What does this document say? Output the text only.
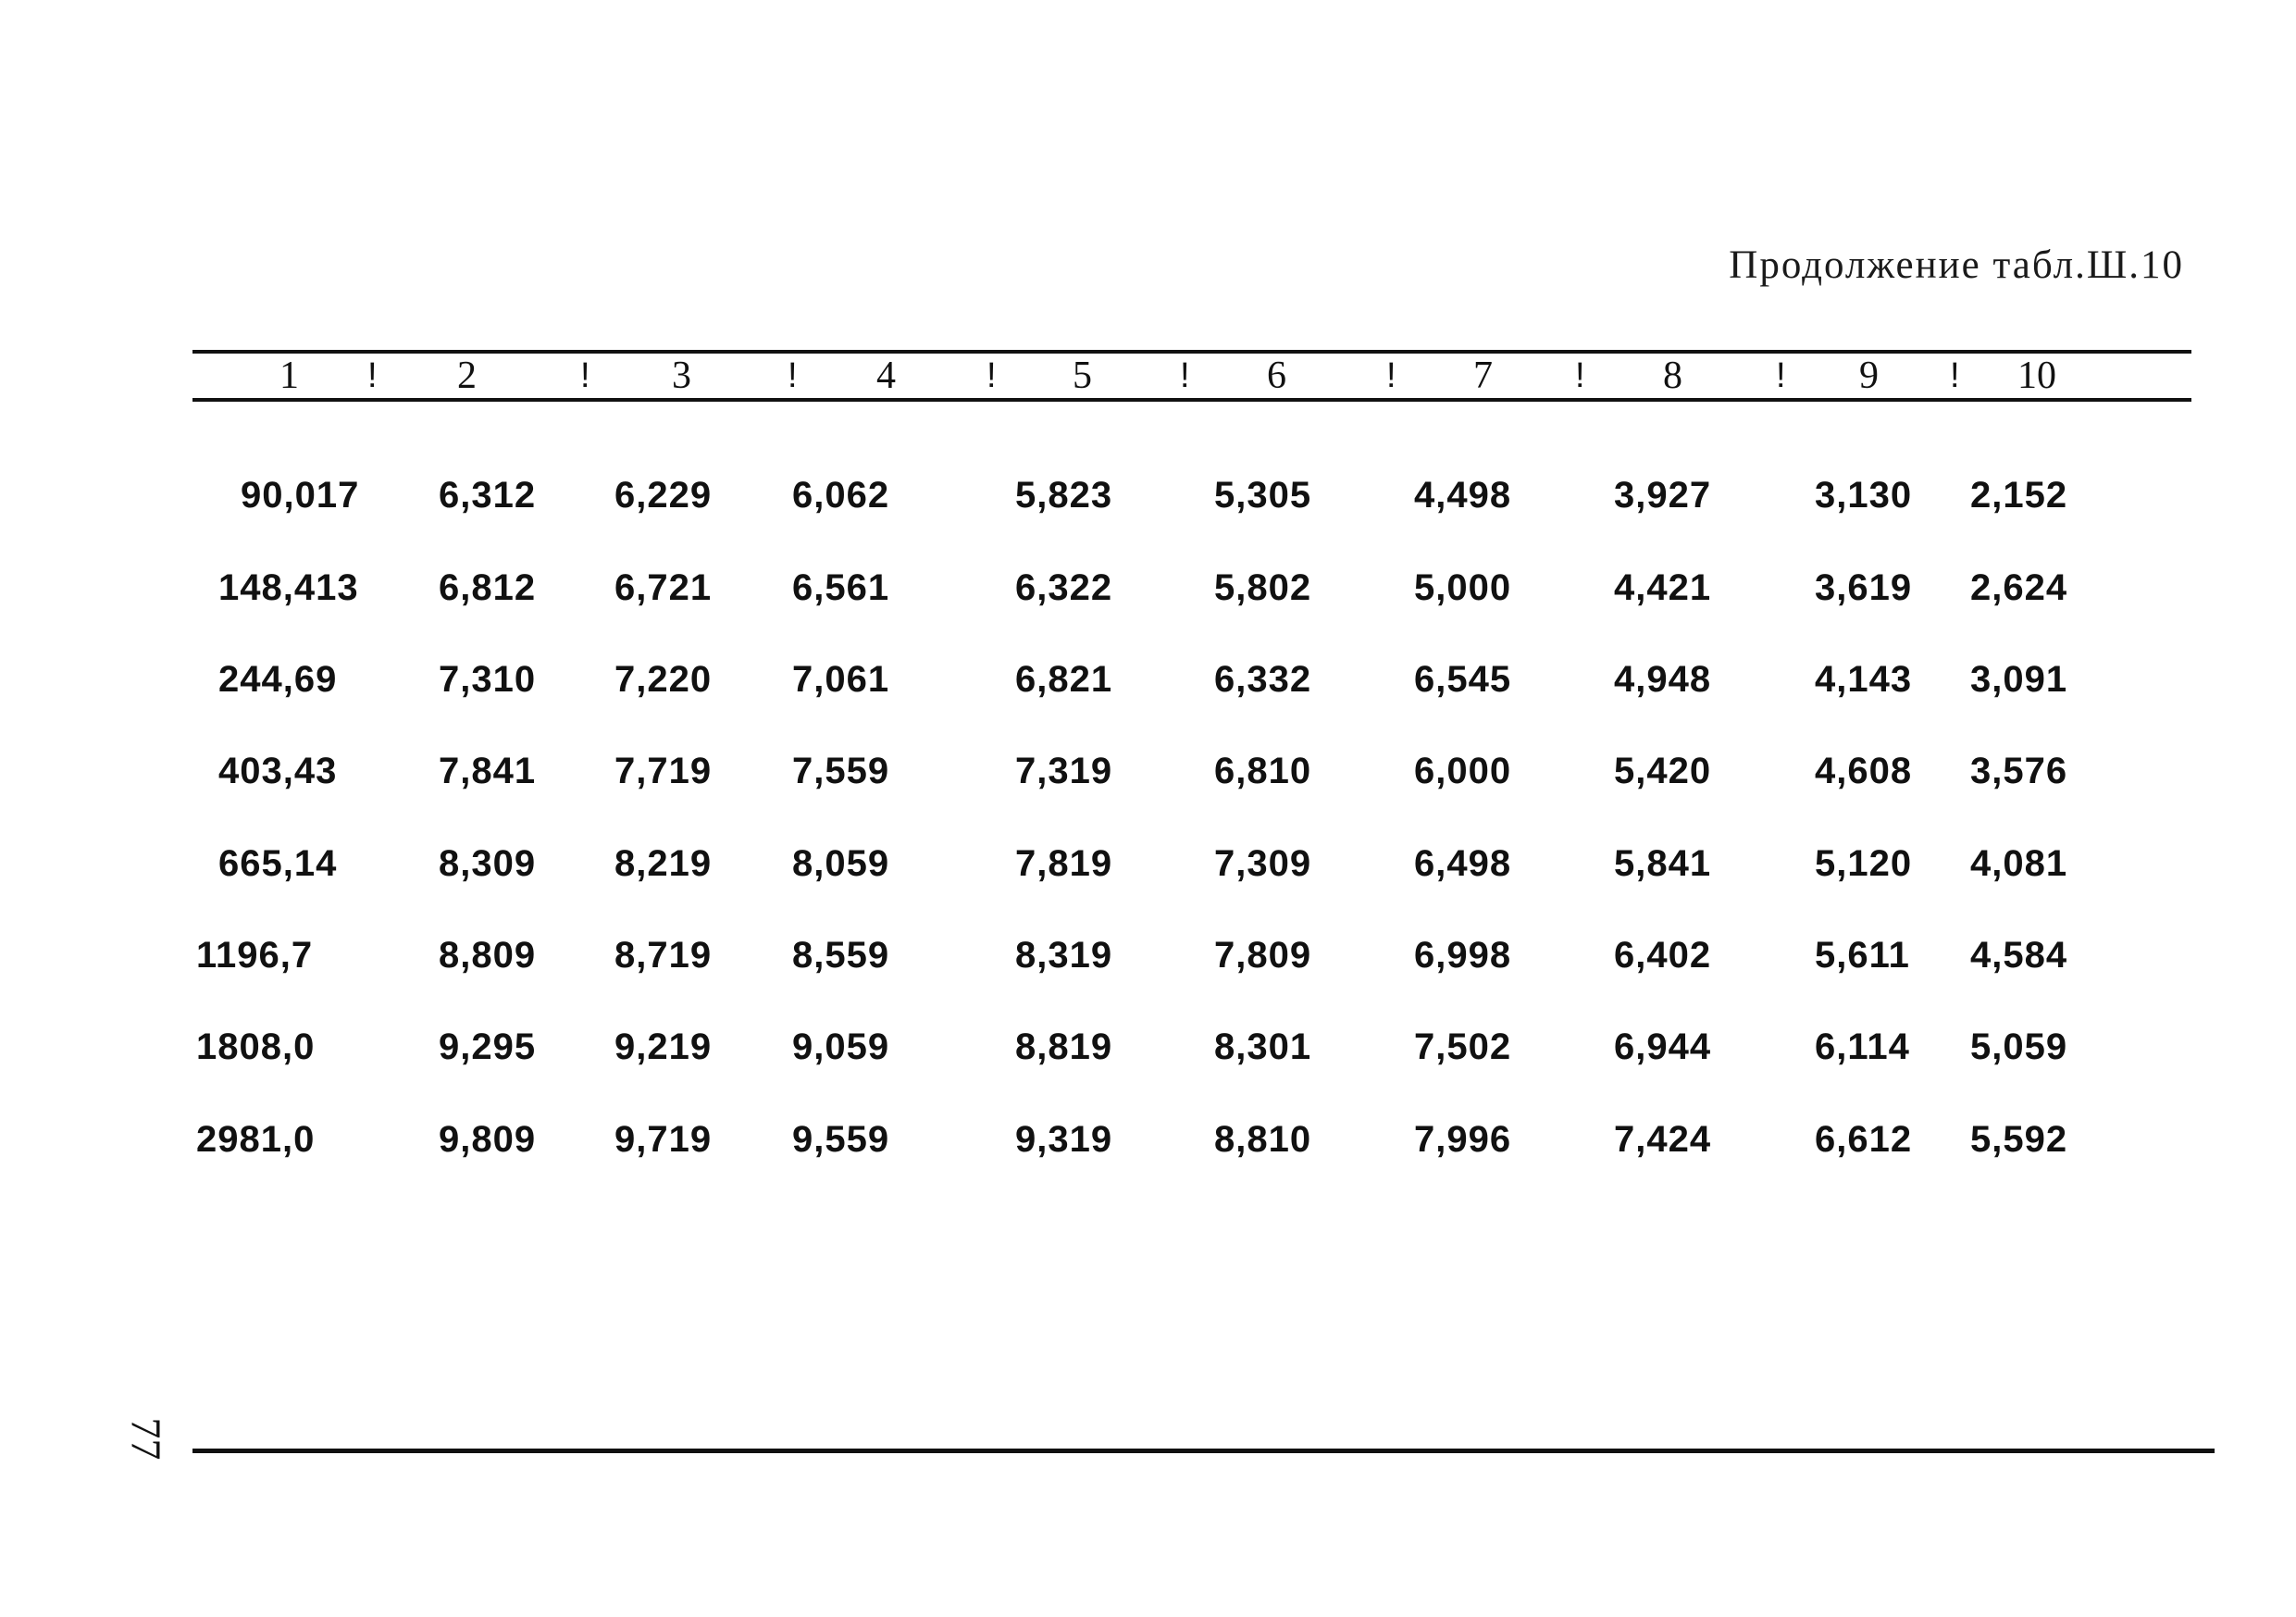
Продолжение табл.Ш.10
1 ! 2	! 3	! 4	! 5	! 6	! 7 ! 8	! 9 ! 10
90,017 6,312 6,229 6,062	5,823	5,305	4,498	3,927	3,130 2,152
148,413 6,812 6,721 6,561	6,322	5,802	5,000	4,421	3,619 2,624
244,69	7,310 7,220 7,061	6,821	6,332	6,545	4,948	4,143 3,091
403,43	7,841 7,719 7,559	7,319	6,810	6,000	5,420	4,608 3,576
665,14	8,309 8,219 8,059	7,819	7,309	6,498	5,841	5,120 4,081
1196,7	8,809 8,719 8,559	8,319	7,809	6,998	6,402	5,611 4,584
1808,0	9,295 9,219 9,059	8,819	8,301	7,502	6,944	6,114 5,059
2981,0	9,809 9,719 9,559	9,319	8,810	7,996	7,424	6,612 5,592
77
